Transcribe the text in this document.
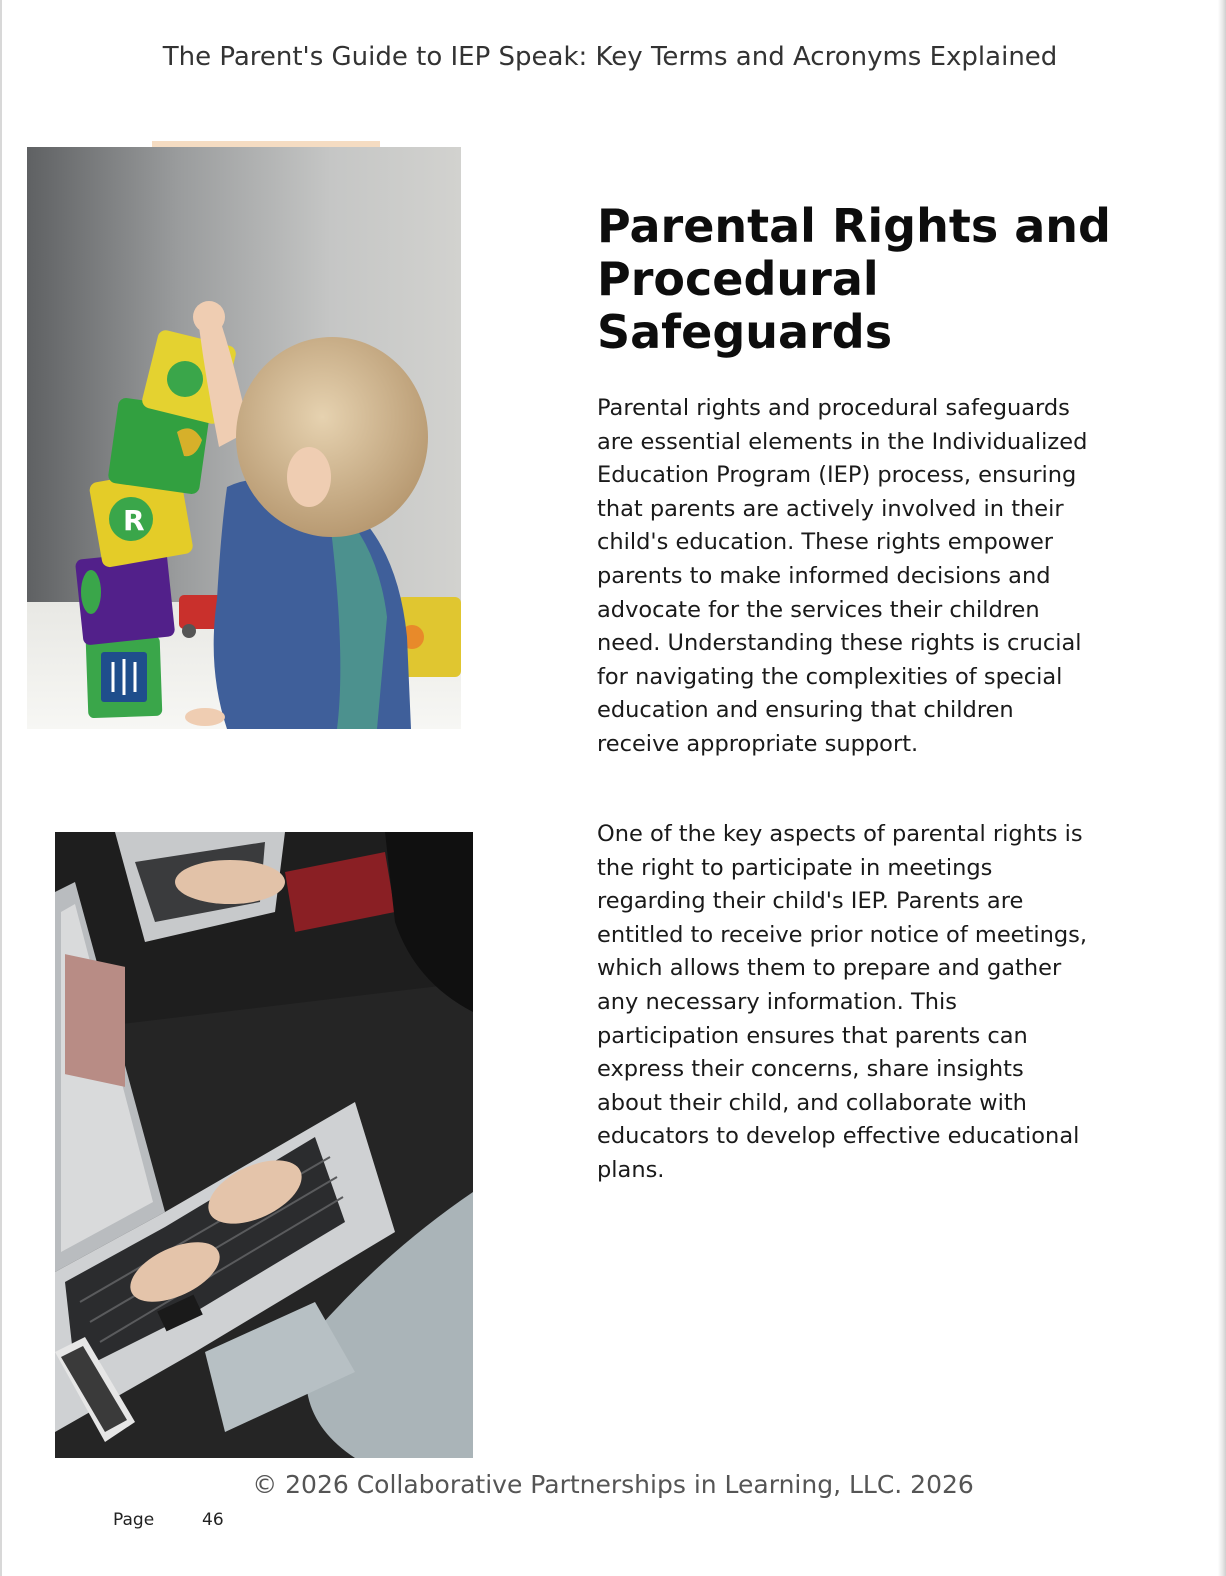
The Parent's Guide to IEP Speak: Key Terms and Acronyms Explained
R
Parental Rights and Procedural Safeguards

Parental rights and procedural safeguards are essential elements in the Individualized Education Program (IEP) process, ensuring that parents are actively involved in their child's education. These rights empower parents to make informed decisions and advocate for the services their children need. Understanding these rights is crucial for navigating the complexities of special education and ensuring that children receive appropriate support.

One of the key aspects of parental rights is the right to participate in meetings regarding their child's IEP. Parents are entitled to receive prior notice of meetings, which allows them to prepare and gather any necessary information. This participation ensures that parents can express their concerns, share insights about their child, and collaborate with educators to develop effective educational plans.

© 2026 Collaborative Partnerships in Learning, LLC. 2026
Page	46
